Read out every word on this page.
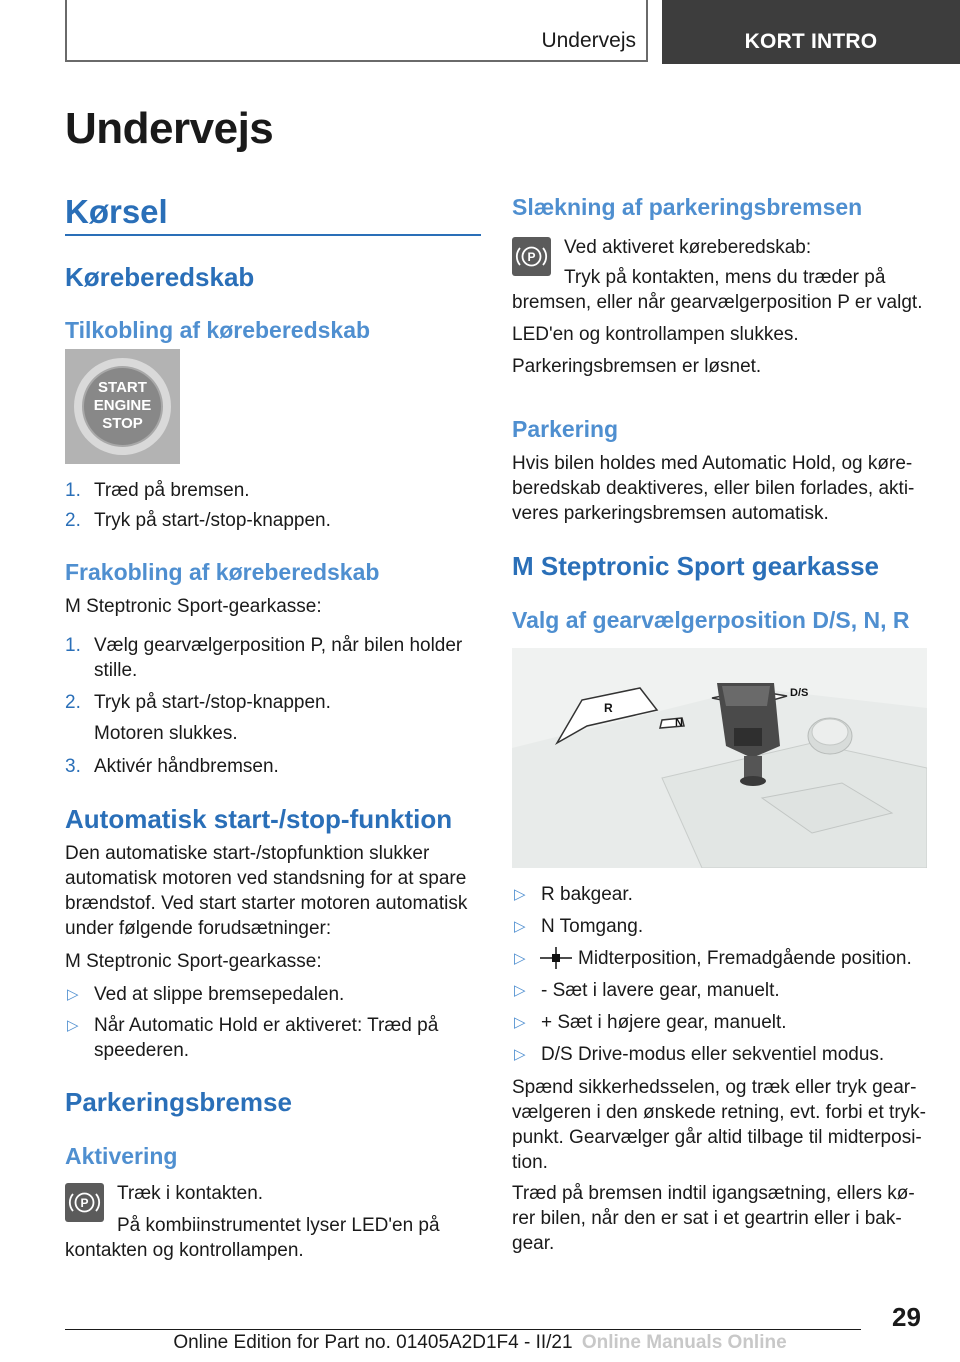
Undervejs	KORT INTRO
Undervejs
Kørsel
Køreberedskab
Tilkobling af køreberedskab
START
ENGINE
STOP
1. Træd på bremsen.
2. Tryk på start-/stop-knappen.
Frakobling af køreberedskab
M Steptronic Sport-gearkasse:
1. Vælg gearvælgerposition P, når bilen holder
stille.
2. Tryk på start-/stop-knappen.
Motoren slukkes.
3. Aktivér håndbremsen.
Automatisk start-/stop-funktion
Den automatiske start-/stopfunktion slukker
automatisk motoren ved standsning for at spare
brændstof. Ved start starter motoren automatisk
under følgende forudsætninger:
M Steptronic Sport-gearkasse:
▷ Ved at slippe bremsepedalen.
▷ Når Automatic Hold er aktiveret: Træd på
speederen.
Parkeringsbremse
Aktivering
P Træk i kontakten.
På kombiinstrumentet lyser LED'en på
kontakten og kontrollampen.
Slækning af parkeringsbremsen
P Ved aktiveret køreberedskab:
Tryk på kontakten, mens du træder på
bremsen, eller når gearvælgerposition P er valgt.
LED'en og kontrollampen slukkes.
Parkeringsbremsen er løsnet.
Parkering
Hvis bilen holdes med Automatic Hold, og køre-
beredskab deaktiveres, eller bilen forlades, akti-
veres parkeringsbremsen automatisk.
M Steptronic Sport gearkasse
Valg af gearvælgerposition D/S, N, R
R
N
D/S
▷ R bakgear.
▷ N Tomgang.
▷	Midterposition, Fremadgående position.
▷ - Sæt i lavere gear, manuelt.
▷ + Sæt i højere gear, manuelt.
▷ D/S Drive-modus eller sekventiel modus.
Spænd sikkerhedsselen, og træk eller tryk gear-
vælgeren i den ønskede retning, evt. forbi et tryk-
punkt. Gearvælger går altid tilbage til midterposi-
tion.
Træd på bremsen indtil igangsætning, ellers kø-
rer bilen, når den er sat i et geartrin eller i bak-
gear.
29
Online Edition for Part no. 01405A2D1F4 - II/21 Online Manuals Online
